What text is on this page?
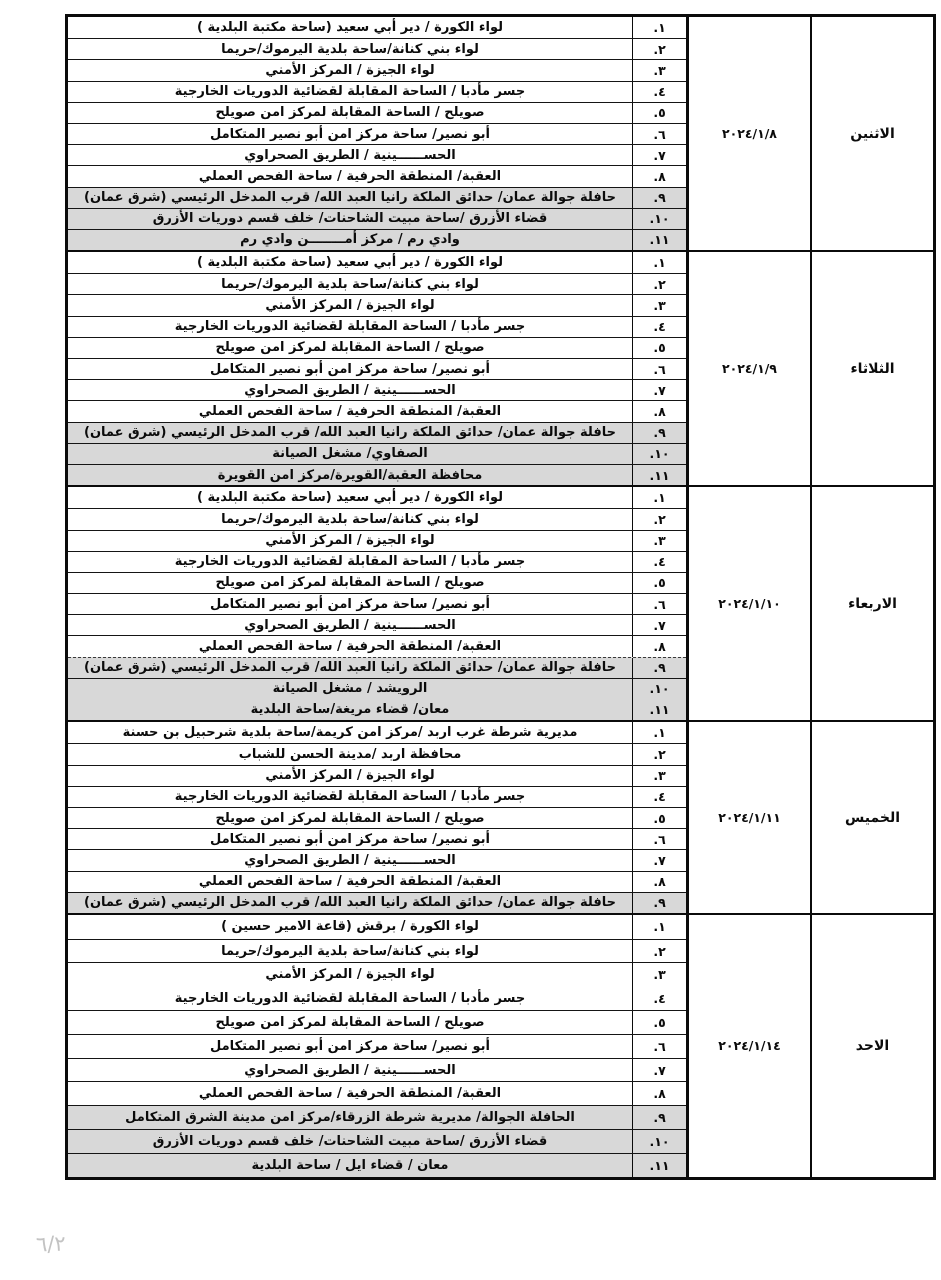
لواء الكورة / دير أبي سعيد (ساحة مكتبة البلدية )	١.
لواء بني كنانة/ساحة بلدية اليرموك/حريما	٢.
لواء الجيزة / المركز الأمني	٣.
جسر مأدبا / الساحة المقابلة لقضائية الدوريات الخارجية	٤.
صويلح / الساحة المقابلة لمركز امن صويلح	٥.
أبو نصير/ ساحة مركز امن أبو نصير المتكامل	٦.
الحســــــينية / الطريق الصحراوي	٧.
العقبة/ المنطقة الحرفية / ساحة الفحص العملي	٨.
حافلة جوالة عمان/ حدائق الملكة رانيا العبد الله/ قرب المدخل الرئيسي (شرق عمان)	٩.
قضاء الأزرق /ساحة مبيت الشاحنات/ خلف قسم دوريات الأزرق	١٠.
وادي رم / مركز أمــــــــن وادي رم	١١.
٢٠٢٤/١/٨	الاثنين
لواء الكورة / دير أبي سعيد (ساحة مكتبة البلدية )	١.
لواء بني كنانة/ساحة بلدية اليرموك/حريما	٢.
لواء الجيزة / المركز الأمني	٣.
جسر مأدبا / الساحة المقابلة لقضائية الدوريات الخارجية	٤.
صويلح / الساحة المقابلة لمركز امن صويلح	٥.
أبو نصير/ ساحة مركز امن أبو نصير المتكامل	٦.
الحســــــينية / الطريق الصحراوي	٧.
العقبة/ المنطقة الحرفية / ساحة الفحص العملي	٨.
حافلة جوالة عمان/ حدائق الملكة رانيا العبد الله/ قرب المدخل الرئيسي (شرق عمان)	٩.
الصفاوي/ مشغل الصيانة	١٠.
محافظة العقبة/القويرة/مركز امن القويرة	١١.
٢٠٢٤/١/٩	الثلاثاء
لواء الكورة / دير أبي سعيد (ساحة مكتبة البلدية )	١.
لواء بني كنانة/ساحة بلدية اليرموك/حريما	٢.
لواء الجيزة / المركز الأمني	٣.
جسر مأدبا / الساحة المقابلة لقضائية الدوريات الخارجية	٤.
صويلح / الساحة المقابلة لمركز امن صويلح	٥.
أبو نصير/ ساحة مركز امن أبو نصير المتكامل	٦.
الحســــــينية / الطريق الصحراوي	٧.
العقبة/ المنطقة الحرفية / ساحة الفحص العملي	٨.
حافلة جوالة عمان/ حدائق الملكة رانيا العبد الله/ قرب المدخل الرئيسي (شرق عمان)	٩.
الرويشد / مشغل الصيانة	١٠.
معان/ قضاء مريغة/ساحة البلدية	١١.
٢٠٢٤/١/١٠	الاربعاء
مديرية شرطة غرب اربد /مركز امن كريمة/ساحة بلدية شرحبيل بن حسنة	١.
محافظة اربد /مدينة الحسن للشباب	٢.
لواء الجيزة / المركز الأمني	٣.
جسر مأدبا / الساحة المقابلة لقضائية الدوريات الخارجية	٤.
صويلح / الساحة المقابلة لمركز امن صويلح	٥.
أبو نصير/ ساحة مركز امن أبو نصير المتكامل	٦.
الحســــــينية / الطريق الصحراوي	٧.
العقبة/ المنطقة الحرفية / ساحة الفحص العملي	٨.
حافلة جوالة عمان/ حدائق الملكة رانيا العبد الله/ قرب المدخل الرئيسي (شرق عمان)	٩.
٢٠٢٤/١/١١	الخميس
لواء الكورة / برقش (قاعة الامير حسين )	١.
لواء بني كنانة/ساحة بلدية اليرموك/حريما	٢.
لواء الجيزة / المركز الأمني	٣.
جسر مأدبا / الساحة المقابلة لقضائية الدوريات الخارجية	٤.
صويلح / الساحة المقابلة لمركز امن صويلح	٥.
أبو نصير/ ساحة مركز امن أبو نصير المتكامل	٦.
الحســــــينية / الطريق الصحراوي	٧.
العقبة/ المنطقة الحرفية / ساحة الفحص العملي	٨.
الحافلة الجوالة/ مديرية شرطة الزرقاء/مركز امن مدينة الشرق المتكامل	٩.
قضاء الأزرق /ساحة مبيت الشاحنات/ خلف قسم دوريات الأزرق	١٠.
معان / قضاء ايل / ساحة البلدية	١١.
٢٠٢٤/١/١٤	الاحد
٦/٢
